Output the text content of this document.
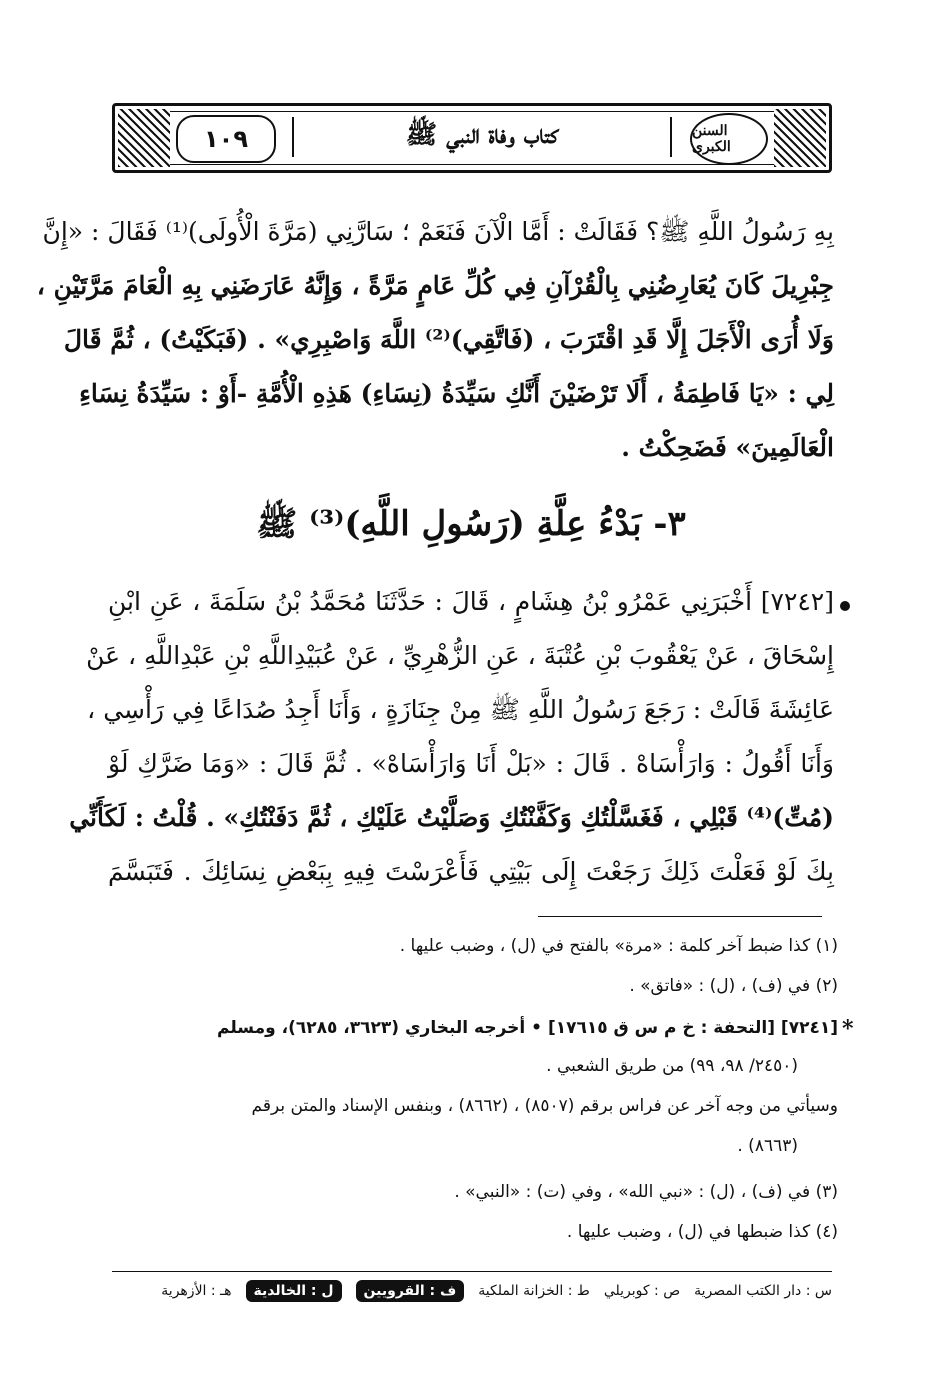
١٠٩	كتاب وفاة النبي ﷺ	السنن الكبرى
بِهِ رَسُولُ اللَّهِ ﷺ؟ فَقَالَتْ : أَمَّا الْآنَ فَنَعَمْ ؛ سَارَّنِي (مَرَّةَ الْأُولَى)⁽¹⁾ فَقَالَ : «إِنَّ
جِبْرِيلَ كَانَ يُعَارِضُنِي بِالْقُرْآنِ فِي كُلِّ عَامٍ مَرَّةً ، وَإِنَّهُ عَارَضَنِي بِهِ الْعَامَ مَرَّتَيْنِ ،
وَلَا أُرَى الْأَجَلَ إِلَّا قَدِ اقْتَرَبَ ، (فَاتَّقِي)⁽²⁾ اللَّهَ وَاصْبِرِي» . (فَبَكَيْتُ) ، ثُمَّ قَالَ
لِي : «يَا فَاطِمَةُ ، أَلَا تَرْضَيْنَ أَنَّكِ سَيِّدَةُ (نِسَاءِ) هَذِهِ الْأُمَّةِ -أَوْ : سَيِّدَةُ نِسَاءِ
الْعَالَمِينَ» فَضَحِكْتُ .
٣- بَدْءُ عِلَّةِ (رَسُولِ اللَّهِ)⁽³⁾ ﷺ
[٧٢٤٢] أَخْبَرَنِي عَمْرُو بْنُ هِشَامٍ ، قَالَ : حَدَّثَنَا مُحَمَّدُ بْنُ سَلَمَةَ ، عَنِ ابْنِ
إِسْحَاقَ ، عَنْ يَعْقُوبَ بْنِ عُتْبَةَ ، عَنِ الزُّهْرِيِّ ، عَنْ عُبَيْدِاللَّهِ بْنِ عَبْدِاللَّهِ ، عَنْ
عَائِشَةَ قَالَتْ : رَجَعَ رَسُولُ اللَّهِ ﷺ مِنْ جِنَازَةٍ ، وَأَنَا أَجِدُ صُدَاعًا فِي رَأْسِي ،
وَأَنَا أَقُولُ : وَارَأْسَاهْ . قَالَ : «بَلْ أَنَا وَارَأْسَاهْ» . ثُمَّ قَالَ : «وَمَا ضَرَّكِ لَوْ
(مُتِّ)⁽⁴⁾ قَبْلِي ، فَغَسَّلْتُكِ وَكَفَّنْتُكِ وَصَلَّيْتُ عَلَيْكِ ، ثُمَّ دَفَنْتُكِ» . قُلْتُ : لَكَأَنِّي
بِكَ لَوْ فَعَلْتَ ذَلِكَ رَجَعْتَ إِلَى بَيْتِي فَأَعْرَسْتَ فِيهِ بِبَعْضِ نِسَائِكَ . فَتَبَسَّمَ
(١) كذا ضبط آخر كلمة : «مرة» بالفتح في (ل) ، وضبب عليها .
(٢) في (ف) ، (ل) : «فاتق» .
[٧٢٤١] [التحفة : خ م س ق ١٧٦١٥] • أخرجه البخاري (٣٦٢٣، ٦٢٨٥)، ومسلم
(٢٤٥٠/ ٩٨، ٩٩) من طريق الشعبي .
وسيأتي من وجه آخر عن فراس برقم (٨٥٠٧) ، (٨٦٦٢) ، وبنفس الإسناد والمتن برقم
(٨٦٦٣) .
(٣) في (ف) ، (ل) : «نبي الله» ، وفي (ت) : «النبي» .
(٤) كذا ضبطها في (ل) ، وضبب عليها .
*
س : دار الكتب المصرية
ص : كوبريلي
ط : الخزانة الملكية
ف : القرويين
ل : الخالدية
هـ : الأزهرية
